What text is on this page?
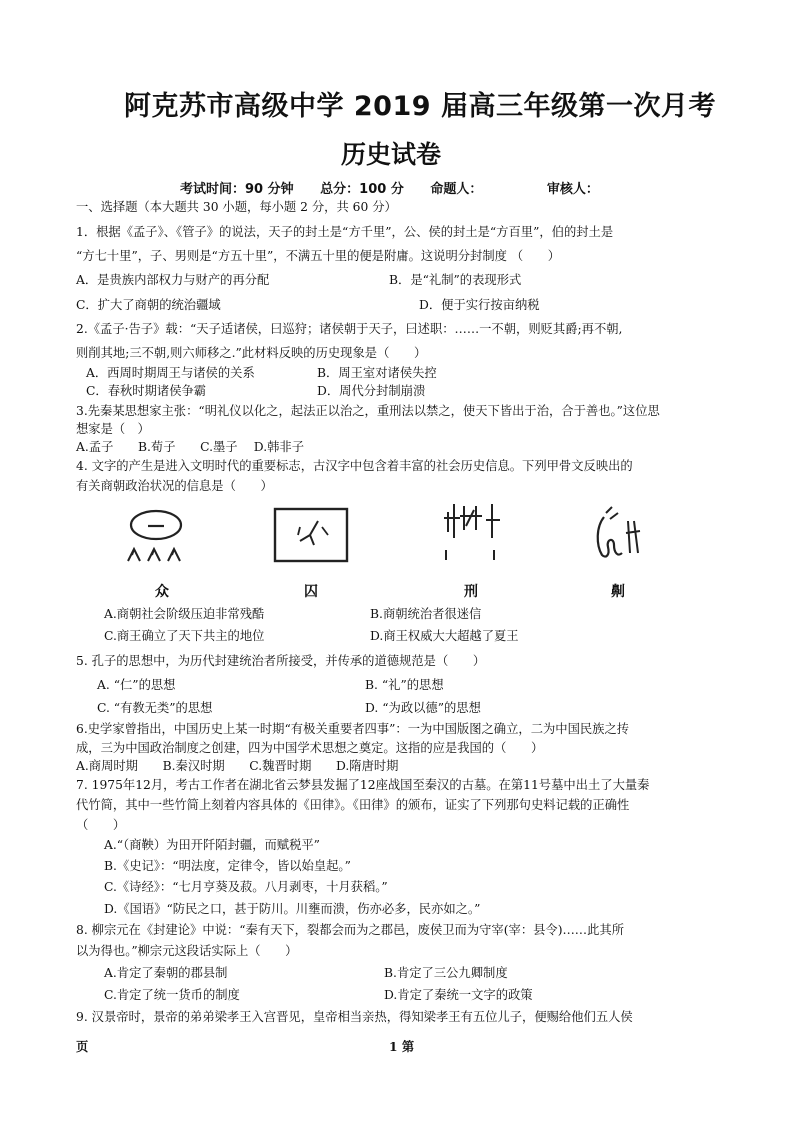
阿克苏市高级中学 2019 届高三年级第一次月考
历史试卷
考试时间：90 分钟 总分：100 分 命题人：	审核人：
一、选择题（本大题共 30 小题，每小题 2 分，共 60 分）
1．根据《孟子》、《管子》的说法，天子的封土是“方千里”，公、侯的封土是“方百里”，伯的封土是
“方七十里”，子、男则是“方五十里”，不满五十里的便是附庸。这说明分封制度 （　　）
A．是贵族内部权力与财产的再分配	B．是“礼制”的表现形式
C．扩大了商朝的统治疆域	D．便于实行按亩纳税
2.《孟子·告子》载：“天子适诸侯，曰巡狩；诸侯朝于天子，曰述职：……一不朝，则贬其爵;再不朝,
则削其地;三不朝,则六师移之.”此材料反映的历史现象是（　　）
A．西周时期周王与诸侯的关系	B．周王室对诸侯失控
C．春秋时期诸侯争霸	D．周代分封制崩溃
3.先秦某思想家主张：“明礼仪以化之，起法正以治之，重刑法以禁之，使天下皆出于治，合于善也。”这位思
想家是（　）
A.孟子　　B.荀子　　C.墨子　 D.韩非子
4. 文字的产生是进入文明时代的重要标志，古汉字中包含着丰富的社会历史信息。下列甲骨文反映出的
有关商朝政治状况的信息是（　　）
众	囚	刑	劓
A.商朝社会阶级压迫非常残酷	B.商朝统治者很迷信
C.商王确立了天下共主的地位	D.商王权威大大超越了夏王
5. 孔子的思想中，为历代封建统治者所接受，并传承的道德规范是（　　）
A. “仁”的思想	B. “礼”的思想
C. “有教无类”的思想	D. “为政以德”的思想
6.史学家曾指出，中国历史上某一时期“有极关重要者四事”：一为中国版图之确立，二为中国民族之抟
成，三为中国政治制度之创建，四为中国学术思想之奠定。这指的应是我国的（　　）
A.商周时期　　B.秦汉时期　　C.魏晋时期　　D.隋唐时期
7. 1975年12月，考古工作者在湖北省云梦县发掘了12座战国至秦汉的古墓。在第11号墓中出土了大量秦
代竹简，其中一些竹简上刻着内容具体的《田律》。《田律》的颁布，证实了下列那句史料记载的正确性
（　　）
A.“（商鞅）为田开阡陌封疆，而赋税平”
B.《史记》：“明法度，定律令，皆以始皇起。”
C.《诗经》：“七月亨葵及菽。八月剥枣，十月获稻。”
D.《国语》“防民之口，甚于防川。川壅而溃，伤亦必多，民亦如之。”
8. 柳宗元在《封建论》中说：“秦有天下，裂都会而为之郡邑，废侯卫而为守宰(宰：县令)……此其所
以为得也。”柳宗元这段话实际上（　　）
A.肯定了秦朝的郡县制	B.肯定了三公九卿制度
C.肯定了统一货币的制度	D.肯定了秦统一文字的政策
9. 汉景帝时，景帝的弟弟梁孝王入宫晋见，皇帝相当亲热，得知梁孝王有五位儿子，便赐给他们五人侯
页	1 第
